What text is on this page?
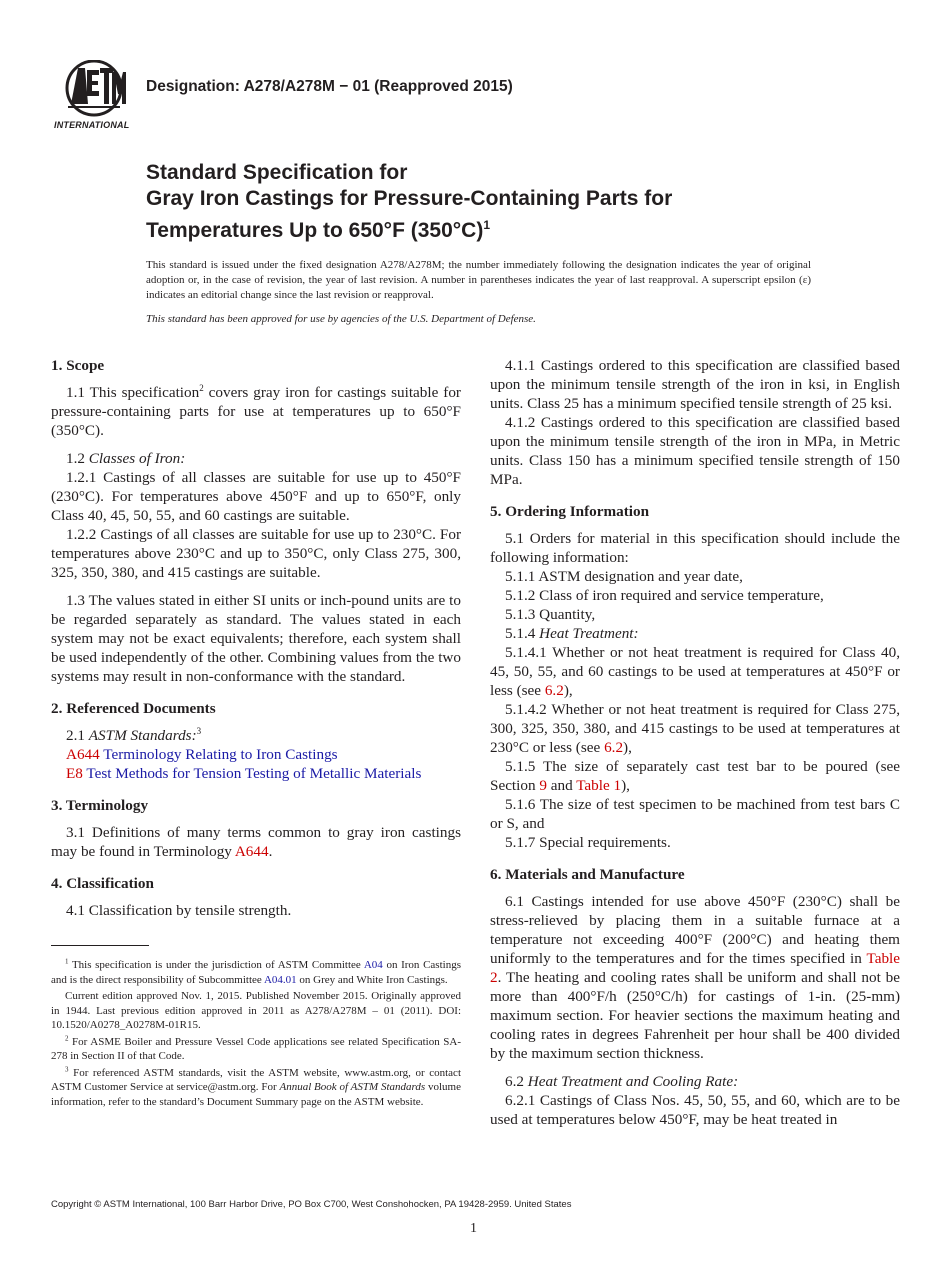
INTERNATIONAL
Designation: A278/A278M − 01 (Reapproved 2015)
Standard Specification for
Gray Iron Castings for Pressure-Containing Parts for
Temperatures Up to 650°F $(350^\circ C)^1$

This standard is issued under the fixed designation A278/A278M; the number immediately following the designation indicates the year of original adoption or, in the case of revision, the year of last revision. A number in parentheses indicates the year of last reapproval. A superscript epsilon (ε) indicates an editorial change since the last revision or reapproval.

This standard has been approved for use by agencies of the U.S. Department of Defense.

1. Scope

1.1 This specification$^2$ covers gray iron for castings suitable for pressure-containing parts for use at temperatures up to 650°F (350°C).

1.2 Classes of Iron:

1.2.1 Castings of all classes are suitable for use up to 450°F (230°C). For temperatures above 450°F and up to 650°F, only Class 40, 45, 50, 55, and 60 castings are suitable.

1.2.2 Castings of all classes are suitable for use up to 230°C. For temperatures above 230°C and up to 350°C, only Class 275, 300, 325, 350, 380, and 415 castings are suitable.

1.3 The values stated in either SI units or inch-pound units are to be regarded separately as standard. The values stated in each system may not be exact equivalents; therefore, each system shall be used independently of the other. Combining values from the two systems may result in non-conformance with the standard.

2. Referenced Documents

2.1 ASTM Standards:$^3$

A644 Terminology Relating to Iron Castings

E8 Test Methods for Tension Testing of Metallic Materials

3. Terminology

3.1 Definitions of many terms common to gray iron castings may be found in Terminology A644.

4. Classification

4.1 Classification by tensile strength.

4.1.1 Castings ordered to this specification are classified based upon the minimum tensile strength of the iron in ksi, in English units. Class 25 has a minimum specified tensile strength of 25 ksi.

4.1.2 Castings ordered to this specification are classified based upon the minimum tensile strength of the iron in MPa, in Metric units. Class 150 has a minimum specified tensile strength of 150 MPa.

5. Ordering Information

5.1 Orders for material in this specification should include the following information:

5.1.1 ASTM designation and year date,

5.1.2 Class of iron required and service temperature,

5.1.3 Quantity,

5.1.4 Heat Treatment:

5.1.4.1 Whether or not heat treatment is required for Class 40, 45, 50, 55, and 60 castings to be used at temperatures at 450°F or less (see 6.2),

5.1.4.2 Whether or not heat treatment is required for Class 275, 300, 325, 350, 380, and 415 castings to be used at temperatures at 230°C or less (see 6.2),

5.1.5 The size of separately cast test bar to be poured (see Section 9 and Table 1),

5.1.6 The size of test specimen to be machined from test bars C or S, and

5.1.7 Special requirements.

6. Materials and Manufacture

6.1 Castings intended for use above 450°F (230°C) shall be stress-relieved by placing them in a suitable furnace at a temperature not exceeding 400°F (200°C) and heating them uniformly to the temperatures and for the times specified in Table 2. The heating and cooling rates shall be uniform and shall not be more than 400°F/h (250°C/h) for castings of 1-in. (25-mm) maximum section. For heavier sections the maximum heating and cooling rates in degrees Fahrenheit per hour shall be 400 divided by the maximum section thickness.

6.2 Heat Treatment and Cooling Rate:

6.2.1 Castings of Class Nos. 45, 50, 55, and 60, which are to be used at temperatures below 450°F, may be heat treated in

$^1$ This specification is under the jurisdiction of ASTM Committee A04 on Iron Castings and is the direct responsibility of Subcommittee A04.01 on Grey and White Iron Castings.

Current edition approved Nov. 1, 2015. Published November 2015. Originally approved in 1944. Last previous edition approved in 2011 as A278/A278M – 01 (2011). DOI: 10.1520/A0278_A0278M-01R15.

$^2$ For ASME Boiler and Pressure Vessel Code applications see related Specification SA-278 in Section II of that Code.

$^3$ For referenced ASTM standards, visit the ASTM website, www.astm.org, or contact ASTM Customer Service at service@astm.org. For Annual Book of ASTM Standards volume information, refer to the standard’s Document Summary page on the ASTM website.

Copyright © ASTM International, 100 Barr Harbor Drive, PO Box C700, West Conshohocken, PA 19428-2959. United States
1
